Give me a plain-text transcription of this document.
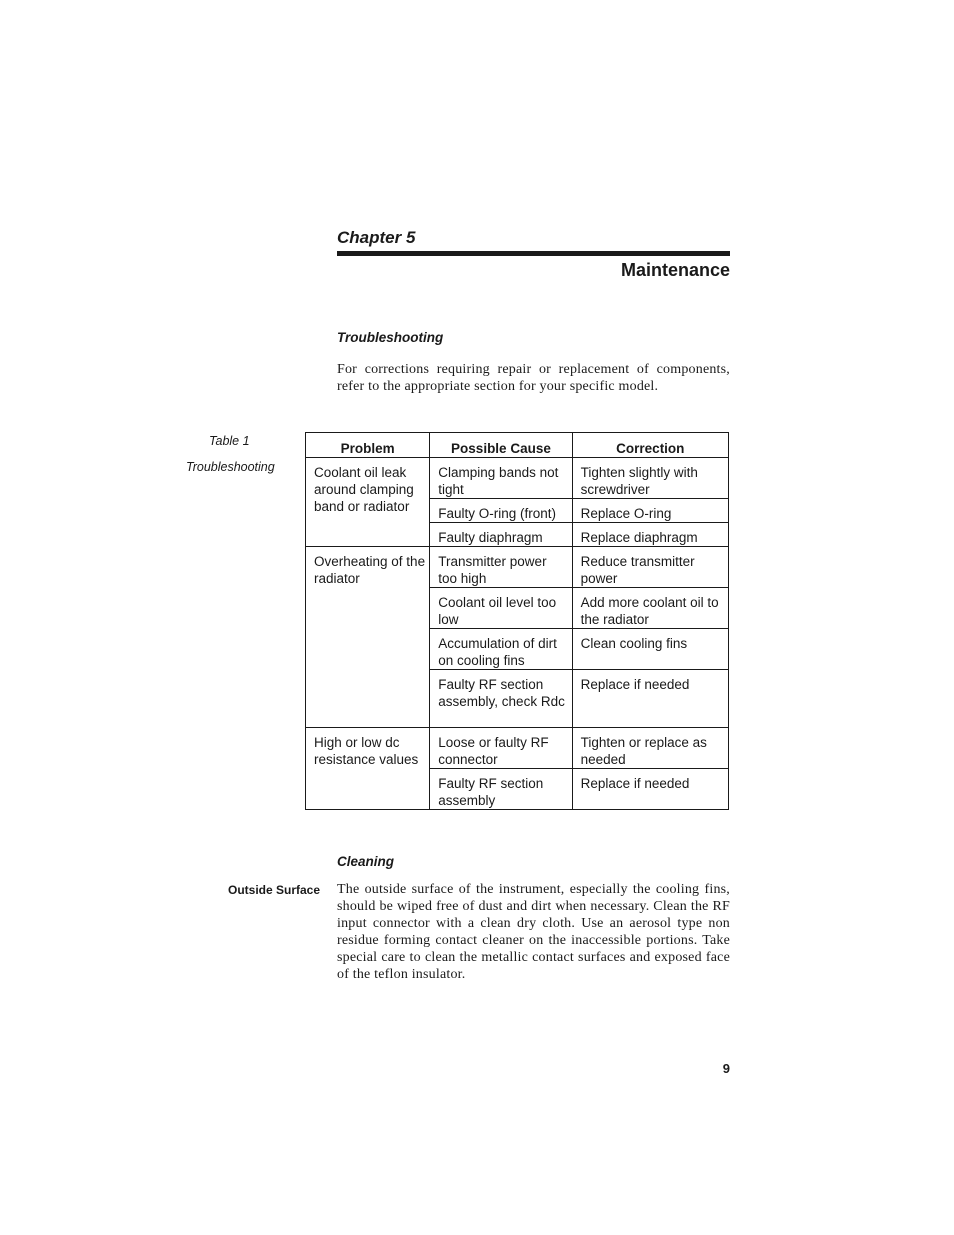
Chapter 5
Maintenance
Troubleshooting
For corrections requiring repair or replacement of components, refer to the appropriate section for your specific model.
Table 1
Troubleshooting
Problem	Possible Cause	Correction
Coolant oil leak around clamping band or radiator	Clamping bands not tight	Tighten slightly with screwdriver
	Faulty O-ring (front)	Replace O-ring
	Faulty diaphragm	Replace diaphragm
Overheating of the radiator	Transmitter power too high	Reduce transmitter power
	Coolant oil level too low	Add more coolant oil to the radiator
	Accumulation of dirt on cooling fins	Clean cooling fins
	Faulty RF section assembly, check Rdc	Replace if needed
High or low dc resistance values	Loose or faulty RF connector	Tighten or replace as needed
	Faulty RF section assembly	Replace if needed
Cleaning
Outside Surface The outside surface of the instrument, especially the cooling fins, should be wiped free of dust and dirt when necessary. Clean the RF input connector with a clean dry cloth. Use an aerosol type non residue forming contact cleaner on the inaccessible portions. Take special care to clean the metallic contact surfaces and exposed face of the teflon insulator.
9
